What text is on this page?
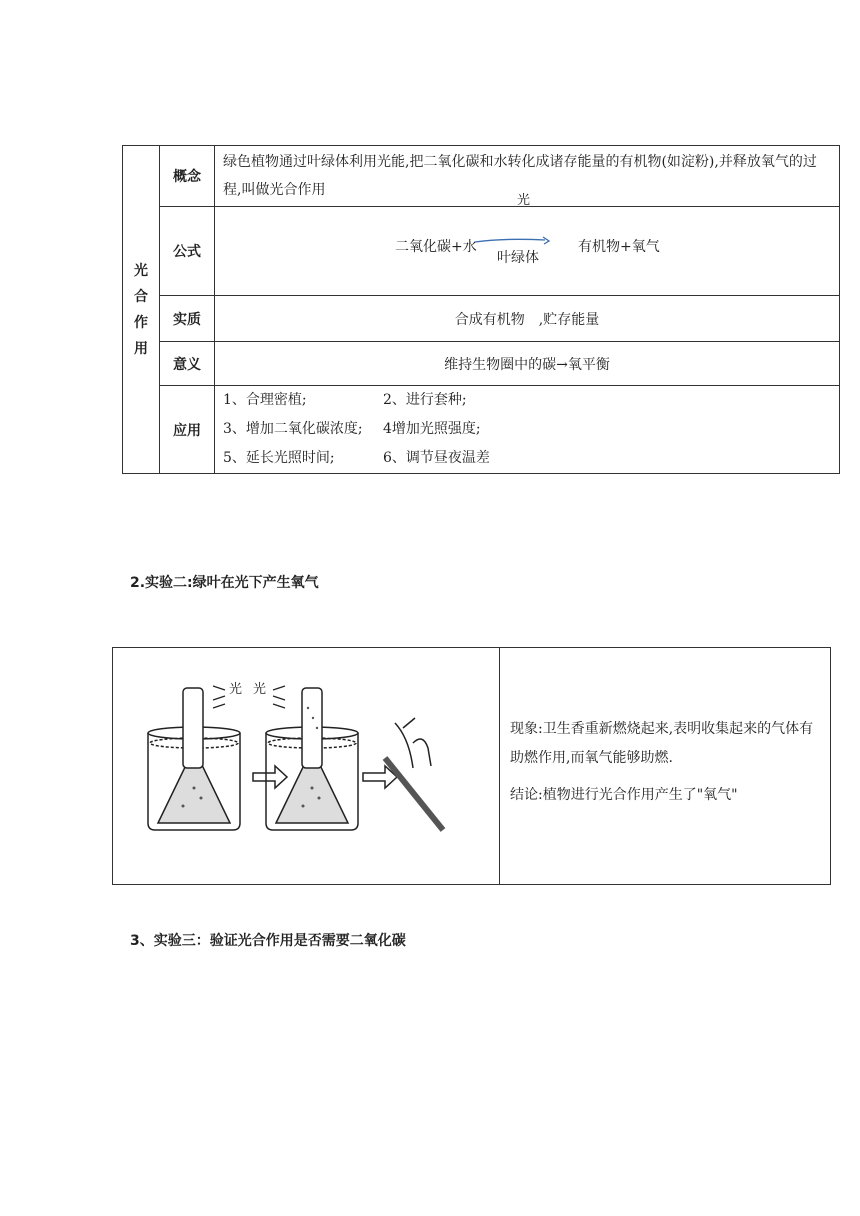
光
合
作
用	概念	绿色植物通过叶绿体利用光能,把二氧化碳和水转化成诸存能量的有机物(如淀粉),并释放氧气的过程,叫做光合作用
	公式	光
二氧化碳+水
叶绿体
有机物+氧气

	实质	合成有机物　,贮存能量
	意义	维持生物圈中的碳→氧平衡
	应用	1、合理密植; 2、进行套种;
3、增加二氧化碳浓度; 4增加光照强度;
5、延长光照时间; 6、调节昼夜温差
2.实验二:绿叶在光下产生氧气
光 光

现象:卫生香重新燃烧起来,表明收集起来的气体有助燃作用,而氧气能够助燃.

结论:植物进行光合作用产生了"氧气"

3、实验三：验证光合作用是否需要二氧化碳
